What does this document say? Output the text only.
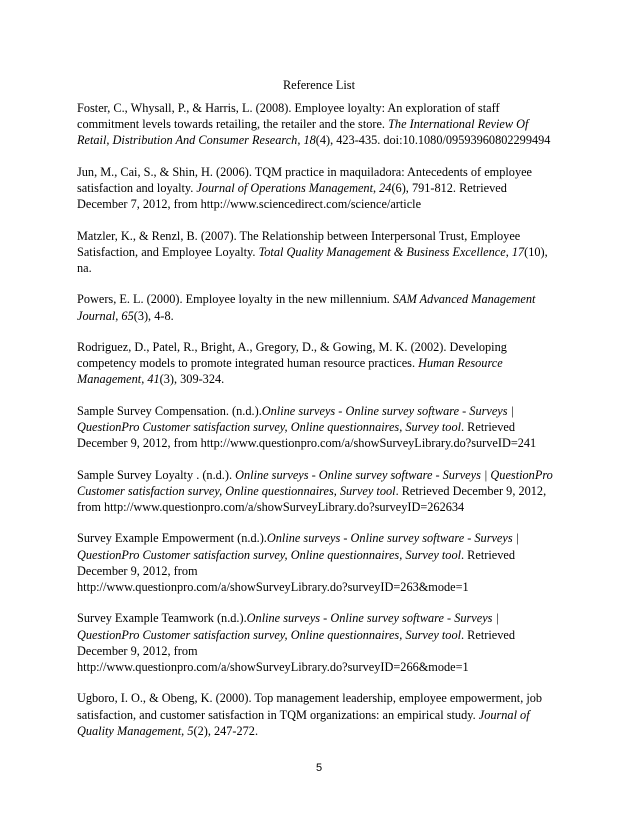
Reference List
Foster, C., Whysall, P., & Harris, L. (2008). Employee loyalty: An exploration of staff
commitment levels towards retailing, the retailer and the store. The International Review Of
Retail, Distribution And Consumer Research, 18(4), 423-435. doi:10.1080/09593960802299494
Jun, M., Cai, S., & Shin, H. (2006). TQM practice in maquiladora: Antecedents of employee
satisfaction and loyalty. Journal of Operations Management, 24(6), 791-812. Retrieved
December 7, 2012, from http://www.sciencedirect.com/science/article
Matzler, K., & Renzl, B. (2007). The Relationship between Interpersonal Trust, Employee
Satisfaction, and Employee Loyalty. Total Quality Management & Business Excellence, 17(10),
na.
Powers, E. L. (2000). Employee loyalty in the new millennium. SAM Advanced Management
Journal, 65(3), 4-8.
Rodriguez, D., Patel, R., Bright, A., Gregory, D., & Gowing, M. K. (2002). Developing
competency models to promote integrated human resource practices. Human Resource
Management, 41(3), 309-324.
Sample Survey Compensation. (n.d.).Online surveys - Online survey software - Surveys |
QuestionPro Customer satisfaction survey, Online questionnaires, Survey tool. Retrieved
December 9, 2012, from http://www.questionpro.com/a/showSurveyLibrary.do?surveID=241
Sample Survey Loyalty . (n.d.). Online surveys - Online survey software - Surveys | QuestionPro
Customer satisfaction survey, Online questionnaires, Survey tool. Retrieved December 9, 2012,
from http://www.questionpro.com/a/showSurveyLibrary.do?surveyID=262634
Survey Example Empowerment (n.d.).Online surveys - Online survey software - Surveys |
QuestionPro Customer satisfaction survey, Online questionnaires, Survey tool. Retrieved
December 9, 2012, from
http://www.questionpro.com/a/showSurveyLibrary.do?surveyID=263&mode=1
Survey Example Teamwork (n.d.).Online surveys - Online survey software - Surveys |
QuestionPro Customer satisfaction survey, Online questionnaires, Survey tool. Retrieved
December 9, 2012, from
http://www.questionpro.com/a/showSurveyLibrary.do?surveyID=266&mode=1
Ugboro, I. O., & Obeng, K. (2000). Top management leadership, employee empowerment, job
satisfaction, and customer satisfaction in TQM organizations: an empirical study. Journal of
Quality Management, 5(2), 247-272.
5
